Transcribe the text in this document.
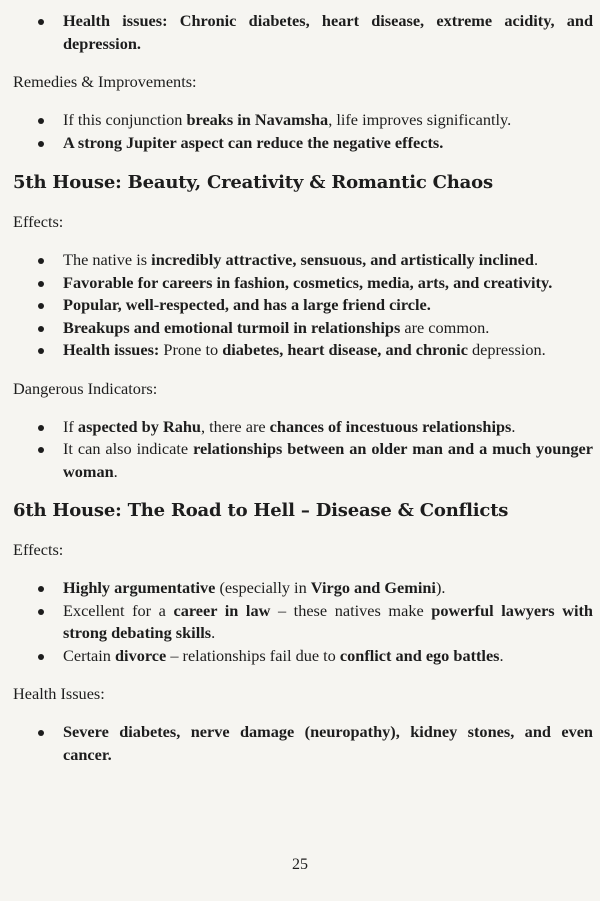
Health issues: Chronic diabetes, heart disease, extreme acidity, and depression.

Remedies & Improvements:

If this conjunction breaks in Navamsha, life improves significantly.
A strong Jupiter aspect can reduce the negative effects.
5th House: Beauty, Creativity & Romantic Chaos

Effects:

The native is incredibly attractive, sensuous, and artistically inclined.
Favorable for careers in fashion, cosmetics, media, arts, and creativity.
Popular, well-respected, and has a large friend circle.
Breakups and emotional turmoil in relationships are common.
Health issues: Prone to diabetes, heart disease, and chronic depression.

Dangerous Indicators:

If aspected by Rahu, there are chances of incestuous relationships.
It can also indicate relationships between an older man and a much younger woman.
6th House: The Road to Hell – Disease & Conflicts

Effects:

Highly argumentative (especially in Virgo and Gemini).
Excellent for a career in law – these natives make powerful lawyers with strong debating skills.
Certain divorce – relationships fail due to conflict and ego battles.

Health Issues:

Severe diabetes, nerve damage (neuropathy), kidney stones, and even cancer.
25
